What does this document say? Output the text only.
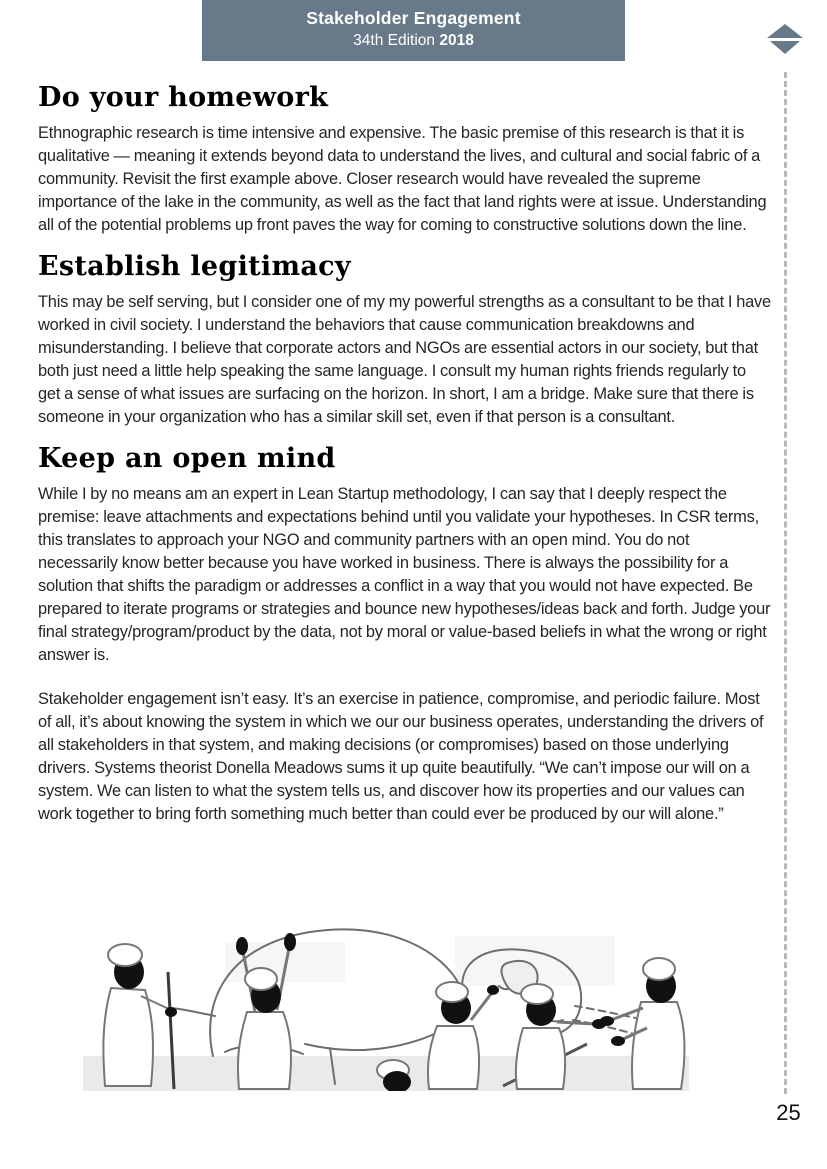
Stakeholder Engagement
34th Edition 2018
Do your homework

Ethnographic research is time intensive and expensive. The basic premise of this research is that it is qualitative — meaning it extends beyond data to understand the lives, and cultural and social fabric of a community. Revisit the first example above. Closer research would have revealed the supreme importance of the lake in the community, as well as the fact that land rights were at issue. Understanding all of the potential problems up front paves the way for coming to constructive solutions down the line.

Establish legitimacy

This may be self serving, but I consider one of my my powerful strengths as a consultant to be that I have worked in civil society. I understand the behaviors that cause communication breakdowns and misunderstanding. I believe that corporate actors and NGOs are essential actors in our society, but that both just need a little help speaking the same language. I consult my human rights friends regularly to get a sense of what issues are surfacing on the horizon. In short, I am a bridge. Make sure that there is someone in your organization who has a similar skill set, even if that person is a consultant.

Keep an open mind

While I by no means am an expert in Lean Startup methodology, I can say that I deeply respect the premise: leave attachments and expectations behind until you validate your hypotheses. In CSR terms, this translates to approach your NGO and community partners with an open mind. You do not necessarily know better because you have worked in business. There is always the possibility for a solution that shifts the paradigm or addresses a conflict in a way that you would not have expected. Be prepared to iterate programs or strategies and bounce new hypotheses/ideas back and forth. Judge your final strategy/program/product by the data, not by moral or value-based beliefs in what the wrong or right answer is.

Stakeholder engagement isn’t easy. It’s an exercise in patience, compromise, and periodic failure. Most of all, it’s about knowing the system in which we our our business operates, understanding the drivers of all stakeholders in that system, and making decisions (or compromises) based on those underlying drivers. Systems theorist Donella Meadows sums it up quite beautifully. “We can’t impose our will on a system. We can listen to what the system tells us, and discover how its properties and our values can work together to bring forth something much better than could ever be produced by our will alone.”

25
